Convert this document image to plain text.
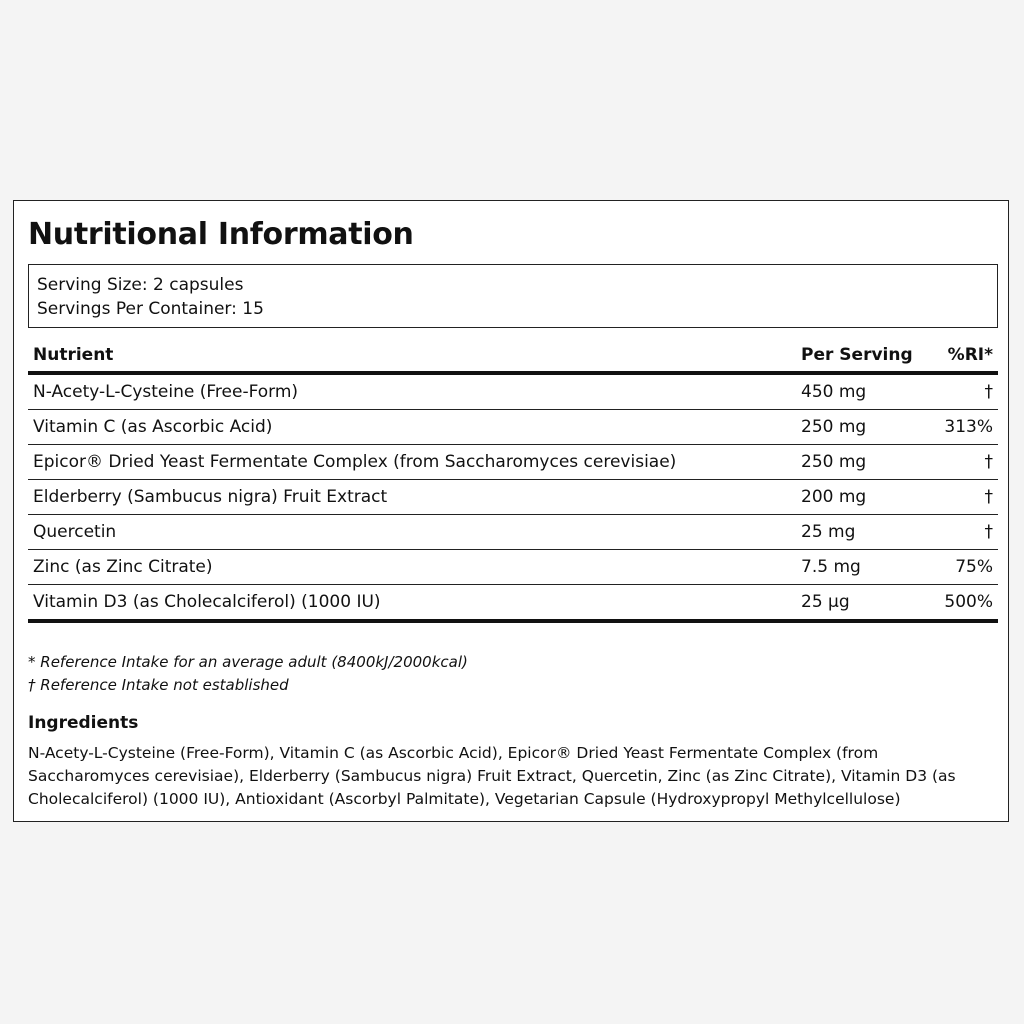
Nutritional Information
Serving Size: 2 capsules
Servings Per Container: 15
Nutrient	Per Serving	%RI*
N-Acety-L-Cysteine (Free-Form)	450 mg	†
Vitamin C (as Ascorbic Acid)	250 mg	313%
Epicor® Dried Yeast Fermentate Complex (from Saccharomyces cerevisiae)	250 mg	†
Elderberry (Sambucus nigra) Fruit Extract	200 mg	†
Quercetin	25 mg	†
Zinc (as Zinc Citrate)	7.5 mg	75%
Vitamin D3 (as Cholecalciferol) (1000 IU)	25 µg	500%
* Reference Intake for an average adult (8400kJ/2000kcal)
† Reference Intake not established
Ingredients

N-Acety-L-Cysteine (Free-Form), Vitamin C (as Ascorbic Acid), Epicor® Dried Yeast Fermentate Complex (from Saccharomyces cerevisiae), Elderberry (Sambucus nigra) Fruit Extract, Quercetin, Zinc (as Zinc Citrate), Vitamin D3 (as Cholecalciferol) (1000 IU), Antioxidant (Ascorbyl Palmitate), Vegetarian Capsule (Hydroxypropyl Methylcellulose)
